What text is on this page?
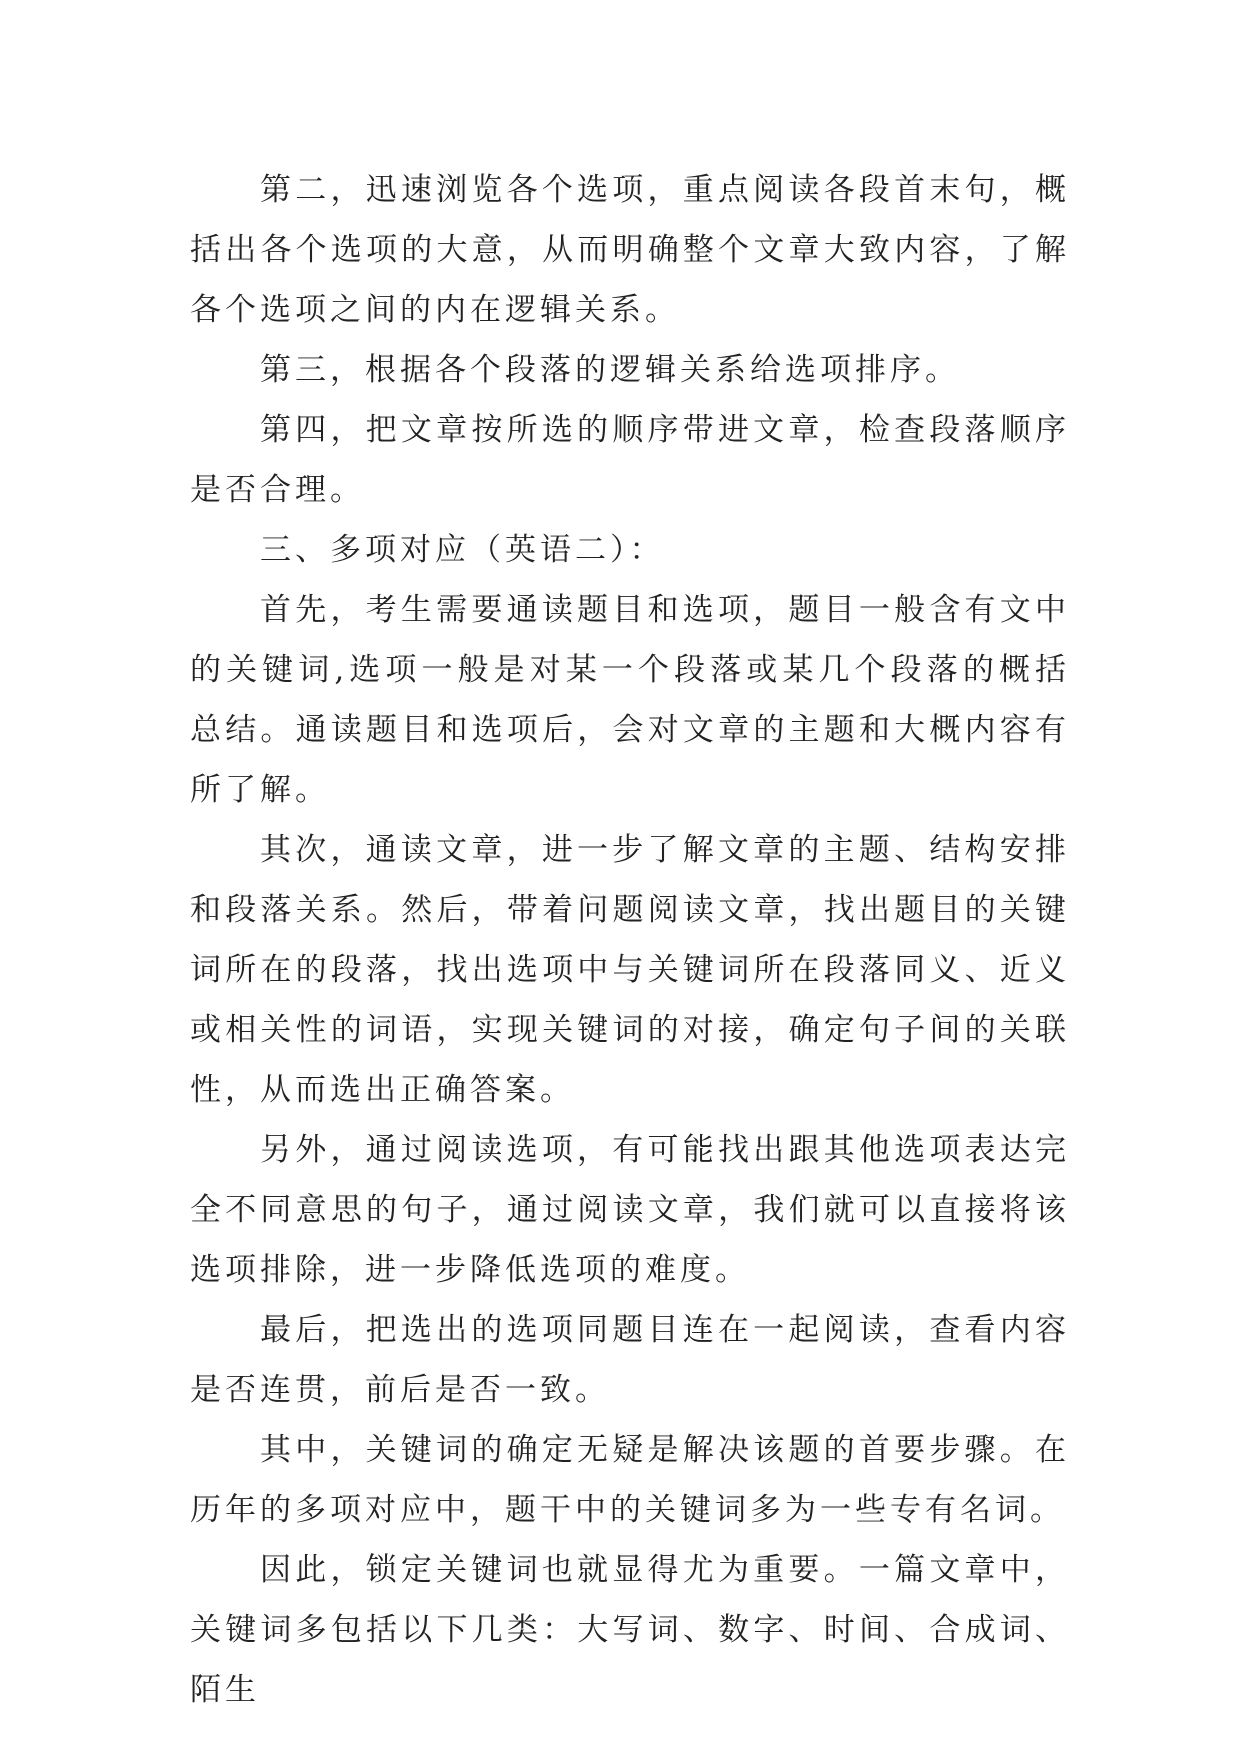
第二，迅速浏览各个选项，重点阅读各段首末句，概括出各个选项的大意，从而明确整个文章大致内容，了解各个选项之间的内在逻辑关系。

第三，根据各个段落的逻辑关系给选项排序。

第四，把文章按所选的顺序带进文章，检查段落顺序是否合理。

三、多项对应（英语二）：

首先，考生需要通读题目和选项，题目一般含有文中的关键词,选项一般是对某一个段落或某几个段落的概括总结。通读题目和选项后，会对文章的主题和大概内容有所了解。

其次，通读文章，进一步了解文章的主题、结构安排和段落关系。然后，带着问题阅读文章，找出题目的关键词所在的段落，找出选项中与关键词所在段落同义、近义或相关性的词语，实现关键词的对接，确定句子间的关联性，从而选出正确答案。

另外，通过阅读选项，有可能找出跟其他选项表达完全不同意思的句子，通过阅读文章，我们就可以直接将该选项排除，进一步降低选项的难度。

最后，把选出的选项同题目连在一起阅读，查看内容是否连贯，前后是否一致。

其中，关键词的确定无疑是解决该题的首要步骤。在历年的多项对应中，题干中的关键词多为一些专有名词。

因此，锁定关键词也就显得尤为重要。一篇文章中，关键词多包括以下几类：大写词、数字、时间、合成词、陌生
